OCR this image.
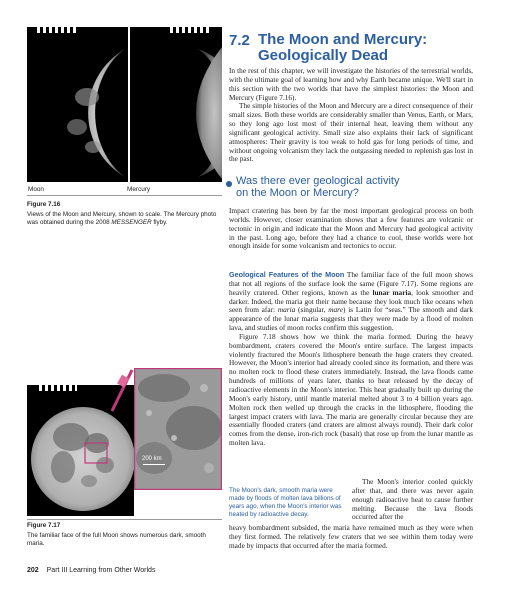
Moon	Mercury
Figure 7.16
Views of the Moon and Mercury, shown to scale. The Mercury photo was obtained during the 2008 MESSENGER flyby.
200 km
Figure 7.17
The familiar face of the full Moon shows numerous dark, smooth maria.
7.2 The Moon and Mercury:
Geologically Dead

In the rest of this chapter, we will investigate the histories of the terrestrial worlds, with the ultimate goal of learning how and why Earth became unique. We'll start in this section with the two worlds that have the simplest histories: the Moon and Mercury (Figure 7.16).

The simple histories of the Moon and Mercury are a direct consequence of their small sizes. Both these worlds are considerably smaller than Venus, Earth, or Mars, so they long ago lost most of their internal heat, leaving them without any significant geological activity. Small size also explains their lack of significant atmospheres: Their gravity is too weak to hold gas for long periods of time, and without ongoing volcanism they lack the outgassing needed to replenish gas lost in the past.

Was there ever geological activity
on the Moon or Mercury?
Impact cratering has been by far the most important geological process on both worlds. However, closer examination shows that a few features are volcanic or tectonic in origin and indicate that the Moon and Mercury had geological activity in the past. Long ago, before they had a chance to cool, these worlds were hot enough inside for some volcanism and tectonics to occur.

Geological Features of the Moon The familiar face of the full moon shows that not all regions of the surface look the same (Figure 7.17). Some regions are heavily cratered. Other regions, known as the lunar maria, look smoother and darker. Indeed, the maria got their name because they look much like oceans when seen from afar: maria (singular, mare) is Latin for “seas.” The smooth and dark appearance of the lunar maria suggests that they were made by a flood of molten lava, and studies of moon rocks confirm this suggestion.

Figure 7.18 shows how we think the maria formed. During the heavy bombardment, craters covered the Moon's entire surface. The largest impacts violently fractured the Moon's lithosphere beneath the huge craters they created. However, the Moon's interior had already cooled since its formation, and there was no molten rock to flood these craters immediately. Instead, the lava floods came hundreds of millions of years later, thanks to heat released by the decay of radioactive elements in the Moon's interior. This heat gradually built up during the Moon's early history, until mantle material melted about 3 to 4 billion years ago. Molten rock then welled up through the cracks in the lithosphere, flooding the largest impact craters with lava. The maria are generally circular because they are essentially flooded craters (and craters are almost always round). Their dark color comes from the dense, iron-rich rock (basalt) that rose up from the lunar mantle as molten lava.

The Moon's dark, smooth maria were made by floods of molten lava billions of years ago, when the Moon's interior was heated by radioactive decay.
The Moon's interior cooled quickly after that, and there was never again enough radioactive heat to cause further melting. Because the lava floods occurred after the
heavy bombardment subsided, the maria have remained much as they were when they first formed. The relatively few craters that we see within them today were made by impacts that occurred after the maria formed.
202 Part III Learning from Other Worlds
